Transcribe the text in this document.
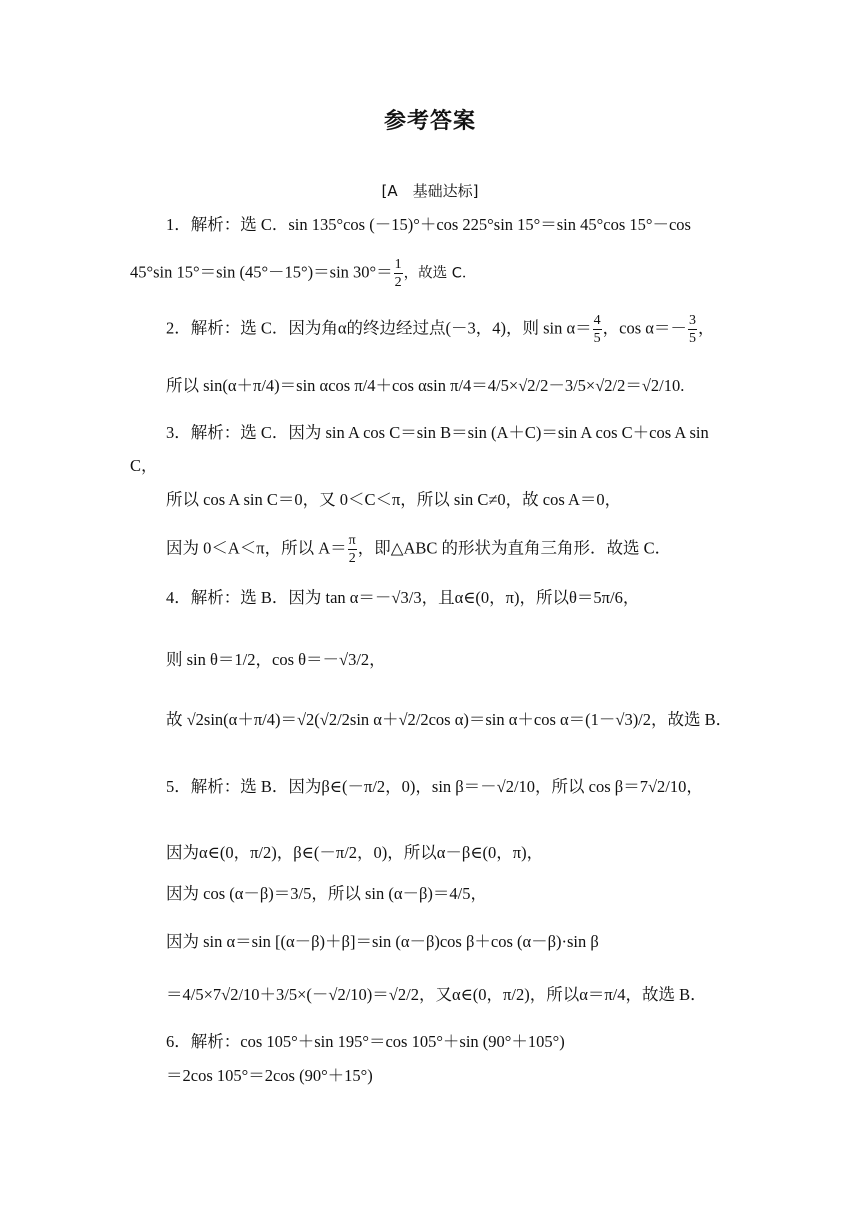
参考答案
[A　基础达标]
1．解析：选 C．sin 135°cos (－15)°＋cos 225°sin 15°＝sin 45°cos 15°－cos
45°sin 15°＝sin (45°－15°)＝sin $30^\circ= \frac{1}{2}$ ，故选 C．
2．解析：选 C．因为角α的终边经过点(－3，4)，则 $\sin \alpha= \frac{4}{5}$ ，$\cos \alpha=- \frac{3}{5}$ ，
所以 sin(α＋π/4)＝sin αcos π/4＋cos αsin π/4＝4/5×√2/2－3/5×√2/2＝√2/10.
3．解析：选 C．因为 sin A cos C＝sin B＝sin (A＋C)＝sin A cos C＋cos A sin
C，
所以 cos A sin C＝0，又 0＜C＜π，所以 sin C≠0，故 cos A＝0，
因为 0＜A＜π，所以 $A= \frac{\pi}{2}$ ，即△ABC 的形状为直角三角形．故选 C．
4．解析：选 B．因为 tan α＝－√3/3，且α∈(0，π)，所以θ＝5π/6，
则 sin θ＝1/2，cos θ＝－√3/2，
故 √2sin(α＋π/4)＝√2(√2/2sin α＋√2/2cos α)＝sin α＋cos α＝(1－√3)/2，故选 B．
5．解析：选 B．因为β∈(－π/2，0)，sin β＝－√2/10，所以 cos β＝7√2/10，
因为α∈(0，π/2)，β∈(－π/2，0)，所以α－β∈(0，π)，
因为 cos (α－β)＝3/5，所以 sin (α－β)＝4/5，
因为 sin α＝sin [(α－β)＋β]＝sin (α－β)cos β＋cos (α－β)·sin β
＝4/5×7√2/10＋3/5×(－√2/10)＝√2/2，又α∈(0，π/2)，所以α＝π/4，故选 B．
6．解析：cos 105°＋sin 195°＝cos 105°＋sin (90°＋105°)
＝2cos 105°＝2cos (90°＋15°)
